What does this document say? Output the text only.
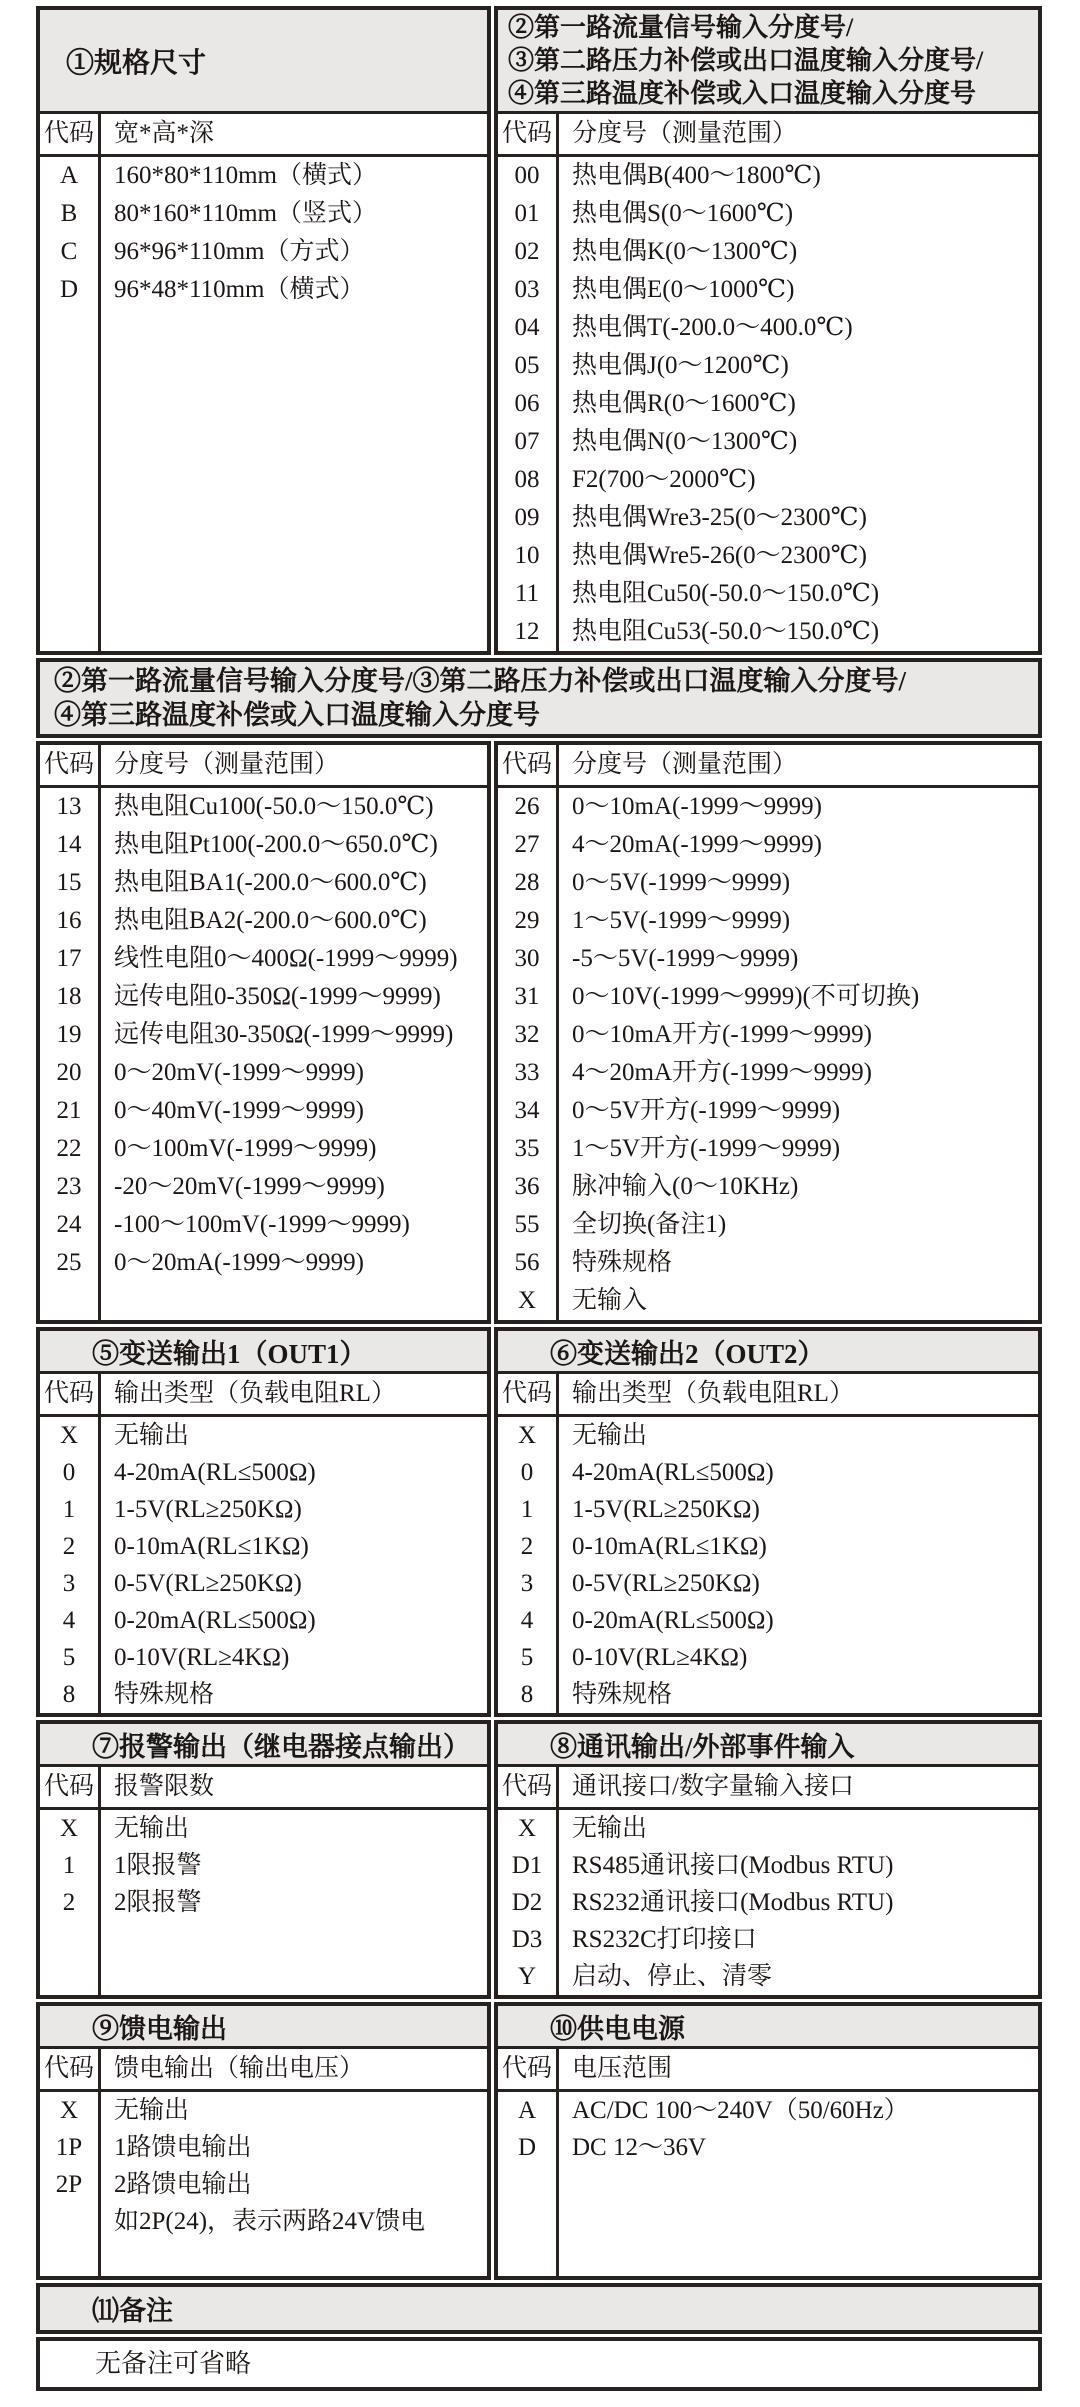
①规格尺寸
代码 宽*高*深
A	160*80*110mm（横式）
B	80*160*110mm（竖式）
C	96*96*110mm（方式）
D	96*48*110mm（横式）
②第一路流量信号输入分度号/
③第二路压力补偿或出口温度输入分度号/
④第三路温度补偿或入口温度输入分度号
代码 分度号（测量范围）
00	热电偶B(400～1800℃)
01	热电偶S(0～1600℃)
02	热电偶K(0～1300℃)
03	热电偶E(0～1000℃)
04	热电偶T(-200.0～400.0℃)
05	热电偶J(0～1200℃)
06	热电偶R(0～1600℃)
07	热电偶N(0～1300℃)
08	F2(700～2000℃)
09	热电偶Wre3-25(0～2300℃)
10	热电偶Wre5-26(0～2300℃)
11	热电阻Cu50(-50.0～150.0℃)
12	热电阻Cu53(-50.0～150.0℃)
②第一路流量信号输入分度号/③第二路压力补偿或出口温度输入分度号/
④第三路温度补偿或入口温度输入分度号
代码 分度号（测量范围）
13	热电阻Cu100(-50.0～150.0℃)
14	热电阻Pt100(-200.0～650.0℃)
15	热电阻BA1(-200.0～600.0℃)
16	热电阻BA2(-200.0～600.0℃)
17	线性电阻0～400Ω(-1999～9999)
18	远传电阻0-350Ω(-1999～9999)
19	远传电阻30-350Ω(-1999～9999)
20	0～20mV(-1999～9999)
21	0～40mV(-1999～9999)
22	0～100mV(-1999～9999)
23	-20～20mV(-1999～9999)
24	-100～100mV(-1999～9999)
25	0～20mA(-1999～9999)
代码 分度号（测量范围）
26	0～10mA(-1999～9999)
27	4～20mA(-1999～9999)
28	0～5V(-1999～9999)
29	1～5V(-1999～9999)
30	-5～5V(-1999～9999)
31	0～10V(-1999～9999)(不可切换)
32	0～10mA开方(-1999～9999)
33	4～20mA开方(-1999～9999)
34	0～5V开方(-1999～9999)
35	1～5V开方(-1999～9999)
36	脉冲输入(0～10KHz)
55	全切换(备注1)
56	特殊规格
X	无输入
⑤变送输出1（OUT1）
代码 输出类型（负载电阻RL）
X	无输出
0	4-20mA(RL≤500Ω)
1	1-5V(RL≥250KΩ)
2	0-10mA(RL≤1KΩ)
3	0-5V(RL≥250KΩ)
4	0-20mA(RL≤500Ω)
5	0-10V(RL≥4KΩ)
8	特殊规格
⑥变送输出2（OUT2）
代码 输出类型（负载电阻RL）
X	无输出
0	4-20mA(RL≤500Ω)
1	1-5V(RL≥250KΩ)
2	0-10mA(RL≤1KΩ)
3	0-5V(RL≥250KΩ)
4	0-20mA(RL≤500Ω)
5	0-10V(RL≥4KΩ)
8	特殊规格
⑦报警输出（继电器接点输出）
代码 报警限数
X	无输出
1	1限报警
2	2限报警
⑧通讯输出/外部事件输入
代码 通讯接口/数字量输入接口
X	无输出
D1	RS485通讯接口(Modbus RTU)
D2	RS232通讯接口(Modbus RTU)
D3	RS232C打印接口
Y	启动、停止、清零
⑨馈电输出
代码 馈电输出（输出电压）
X	无输出
1P	1路馈电输出
2P	2路馈电输出
如2P(24)，表示两路24V馈电
⑩供电电源
代码 电压范围
A	AC/DC 100～240V（50/60Hz）
D	DC 12～36V
⑾备注
无备注可省略
